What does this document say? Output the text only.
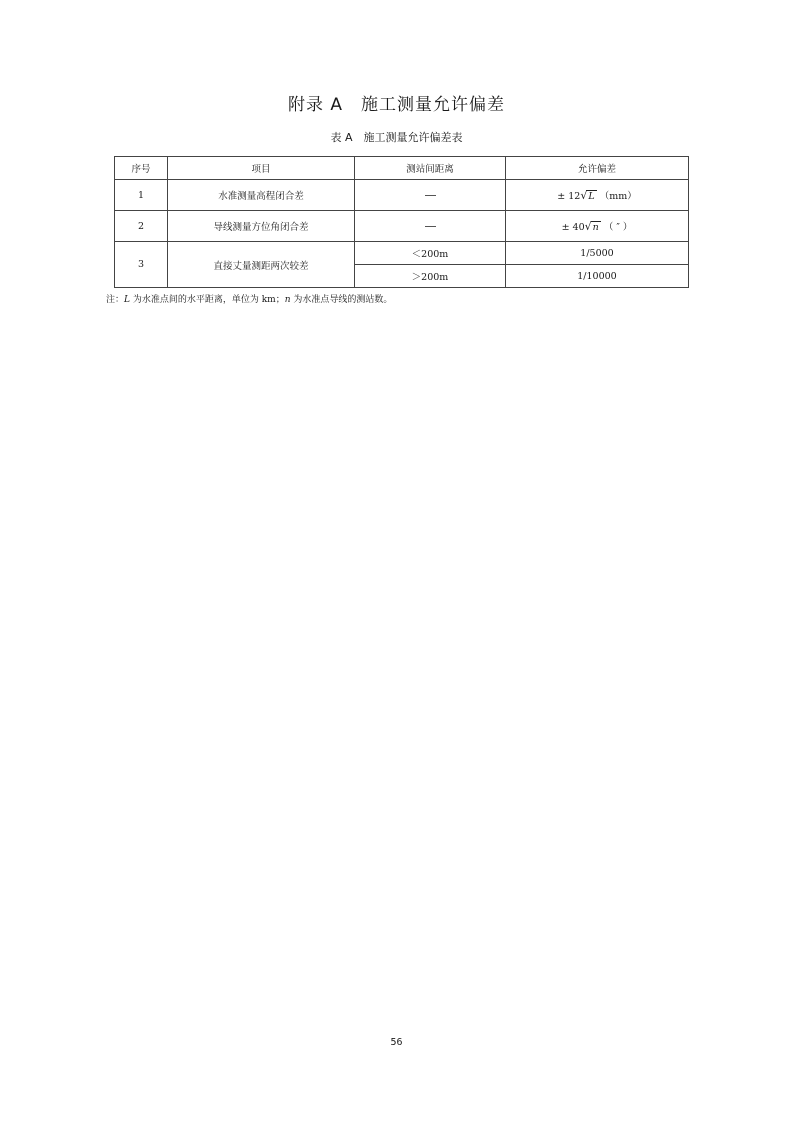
附录 A　施工测量允许偏差
表 A　施工测量允许偏差表
序号	项目	测站间距离	允许偏差
1	水准测量高程闭合差		± 12√L （mm）
2	导线测量方位角闭合差		± 40√n （ ″ ）
3	直接丈量测距两次较差	＜200m	1/5000
		＞200m	1/10000
注：L 为水准点间的水平距离，单位为 km；n 为水准点导线的测站数。
56
